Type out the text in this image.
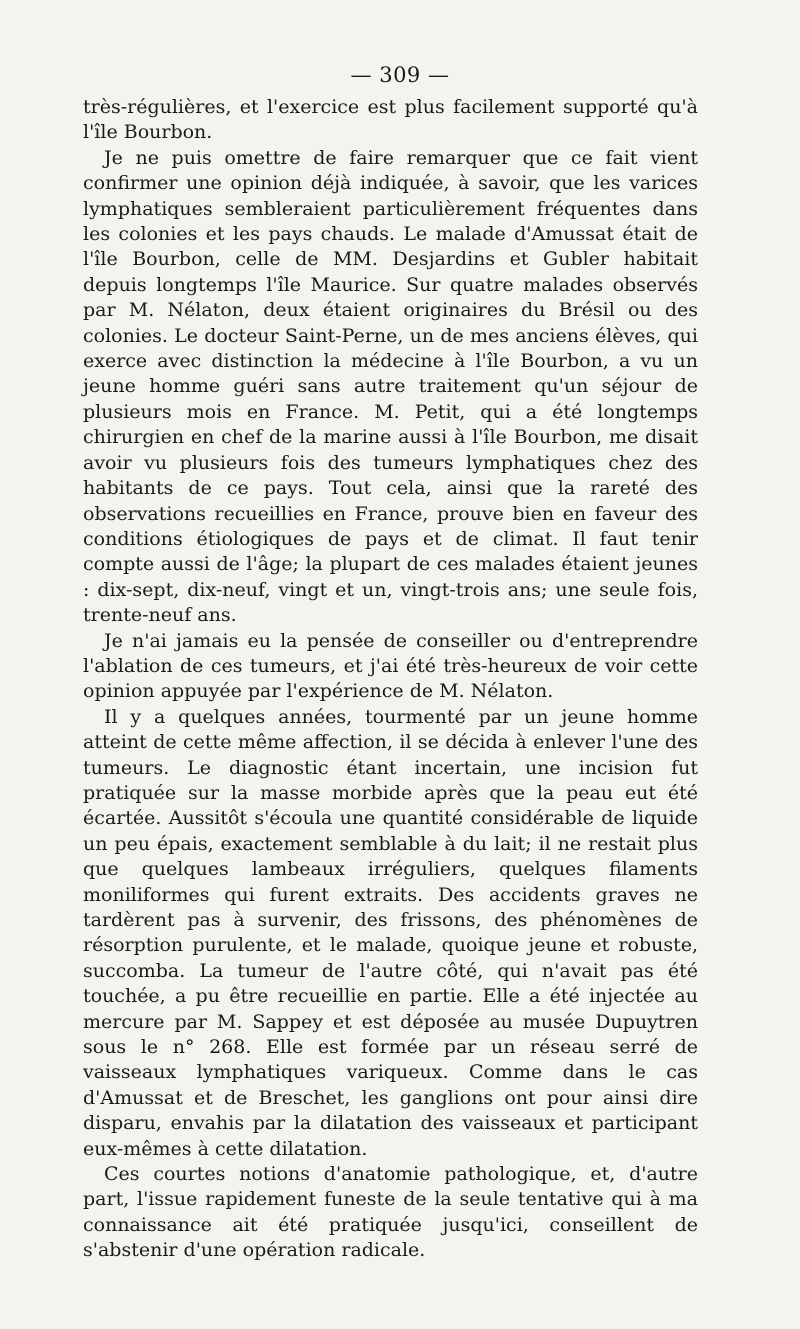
— 309 —

très-régulières, et l'exercice est plus facilement supporté qu'à l'île Bourbon.

Je ne puis omettre de faire remarquer que ce fait vient confirmer une opinion déjà indiquée, à savoir, que les varices lymphatiques sembleraient particulièrement fréquentes dans les colonies et les pays chauds. Le malade d'Amussat était de l'île Bourbon, celle de MM. Desjardins et Gubler habitait depuis longtemps l'île Maurice. Sur quatre malades observés par M. Nélaton, deux étaient originaires du Brésil ou des colonies. Le docteur Saint-Perne, un de mes anciens élèves, qui exerce avec distinction la médecine à l'île Bourbon, a vu un jeune homme guéri sans autre traitement qu'un séjour de plusieurs mois en France. M. Petit, qui a été longtemps chirurgien en chef de la marine aussi à l'île Bourbon, me disait avoir vu plusieurs fois des tumeurs lymphatiques chez des habitants de ce pays. Tout cela, ainsi que la rareté des observations recueillies en France, prouve bien en faveur des conditions étiologiques de pays et de climat. Il faut tenir compte aussi de l'âge; la plupart de ces malades étaient jeunes : dix-sept, dix-neuf, vingt et un, vingt-trois ans; une seule fois, trente-neuf ans.

Je n'ai jamais eu la pensée de conseiller ou d'entreprendre l'ablation de ces tumeurs, et j'ai été très-heureux de voir cette opinion appuyée par l'expérience de M. Nélaton.

Il y a quelques années, tourmenté par un jeune homme atteint de cette même affection, il se décida à enlever l'une des tumeurs. Le diagnostic étant incertain, une incision fut pratiquée sur la masse morbide après que la peau eut été écartée. Aussitôt s'écoula une quantité considérable de liquide un peu épais, exactement semblable à du lait; il ne restait plus que quelques lambeaux irréguliers, quelques filaments moniliformes qui furent extraits. Des accidents graves ne tardèrent pas à survenir, des frissons, des phénomènes de résorption purulente, et le malade, quoique jeune et robuste, succomba. La tumeur de l'autre côté, qui n'avait pas été touchée, a pu être recueillie en partie. Elle a été injectée au mercure par M. Sappey et est déposée au musée Dupuytren sous le n° 268. Elle est formée par un réseau serré de vaisseaux lymphatiques variqueux. Comme dans le cas d'Amussat et de Breschet, les ganglions ont pour ainsi dire disparu, envahis par la dilatation des vaisseaux et participant eux-mêmes à cette dilatation.

Ces courtes notions d'anatomie pathologique, et, d'autre part, l'issue rapidement funeste de la seule tentative qui à ma connaissance ait été pratiquée jusqu'ici, conseillent de s'abstenir d'une opération radicale.
